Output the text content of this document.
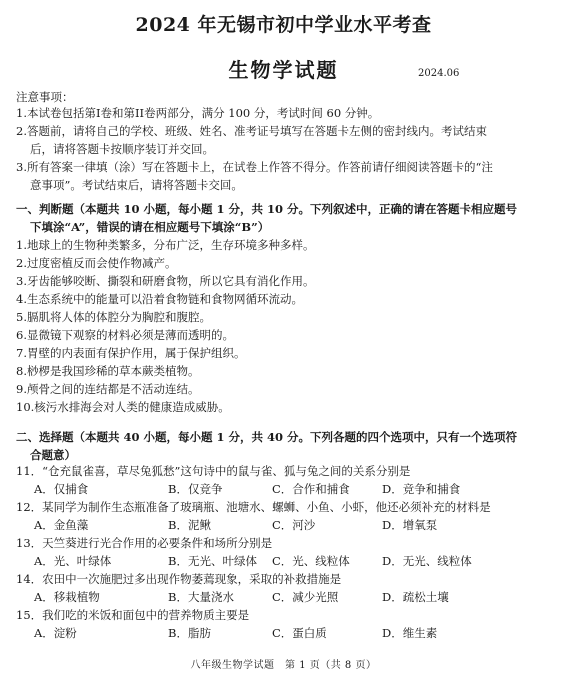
2024 年无锡市初中学业水平考查
生物学试题	2024.06
注意事项：
1.本试卷包括第I卷和第II卷两部分，满分 100 分，考试时间 60 分钟。
2.答题前，请将自己的学校、班级、姓名、准考证号填写在答题卡左侧的密封线内。考试结束
后，请将答题卡按顺序装订并交回。
3.所有答案一律填（涂）写在答题卡上，在试卷上作答不得分。作答前请仔细阅读答题卡的“注
意事项”。考试结束后，请将答题卡交回。
一、判断题（本题共 10 小题，每小题 1 分，共 10 分。下列叙述中，正确的请在答题卡相应题号
下填涂“A”，错误的请在相应题号下填涂“B”）
1.地球上的生物种类繁多，分布广泛，生存环境多种多样。
2.过度密植反而会使作物减产。
3.牙齿能够咬断、撕裂和研磨食物，所以它具有消化作用。
4.生态系统中的能量可以沿着食物链和食物网循环流动。
5.膈肌将人体的体腔分为胸腔和腹腔。
6.显微镜下观察的材料必须是薄而透明的。
7.胃壁的内表面有保护作用，属于保护组织。
8.桫椤是我国珍稀的草本蕨类植物。
9.颅骨之间的连结都是不活动连结。
10.核污水排海会对人类的健康造成威胁。
二、选择题（本题共 40 小题，每小题 1 分，共 40 分。下列各题的四个选项中，只有一个选项符
合题意）
11．“仓充鼠雀喜，草尽兔狐愁”这句诗中的鼠与雀、狐与兔之间的关系分别是
A．仅捕食	B．仅竞争	C．合作和捕食	D．竞争和捕食
12．某同学为制作生态瓶准备了玻璃瓶、池塘水、螺蛳、小鱼、小虾，他还必须补充的材料是
A．金鱼藻	B．泥鳅	C．河沙	D．增氧泵
13．天竺葵进行光合作用的必要条件和场所分别是
A．光、叶绿体	B．无光、叶绿体 C．光、线粒体	D．无光、线粒体
14．农田中一次施肥过多出现作物萎蔫现象，采取的补救措施是
A．移栽植物	B．大量浇水	C．减少光照	D．疏松土壤
15．我们吃的米饭和面包中的营养物质主要是
A．淀粉	B．脂肪	C．蛋白质	D．维生素
八年级生物学试题　第 1 页（共 8 页）
